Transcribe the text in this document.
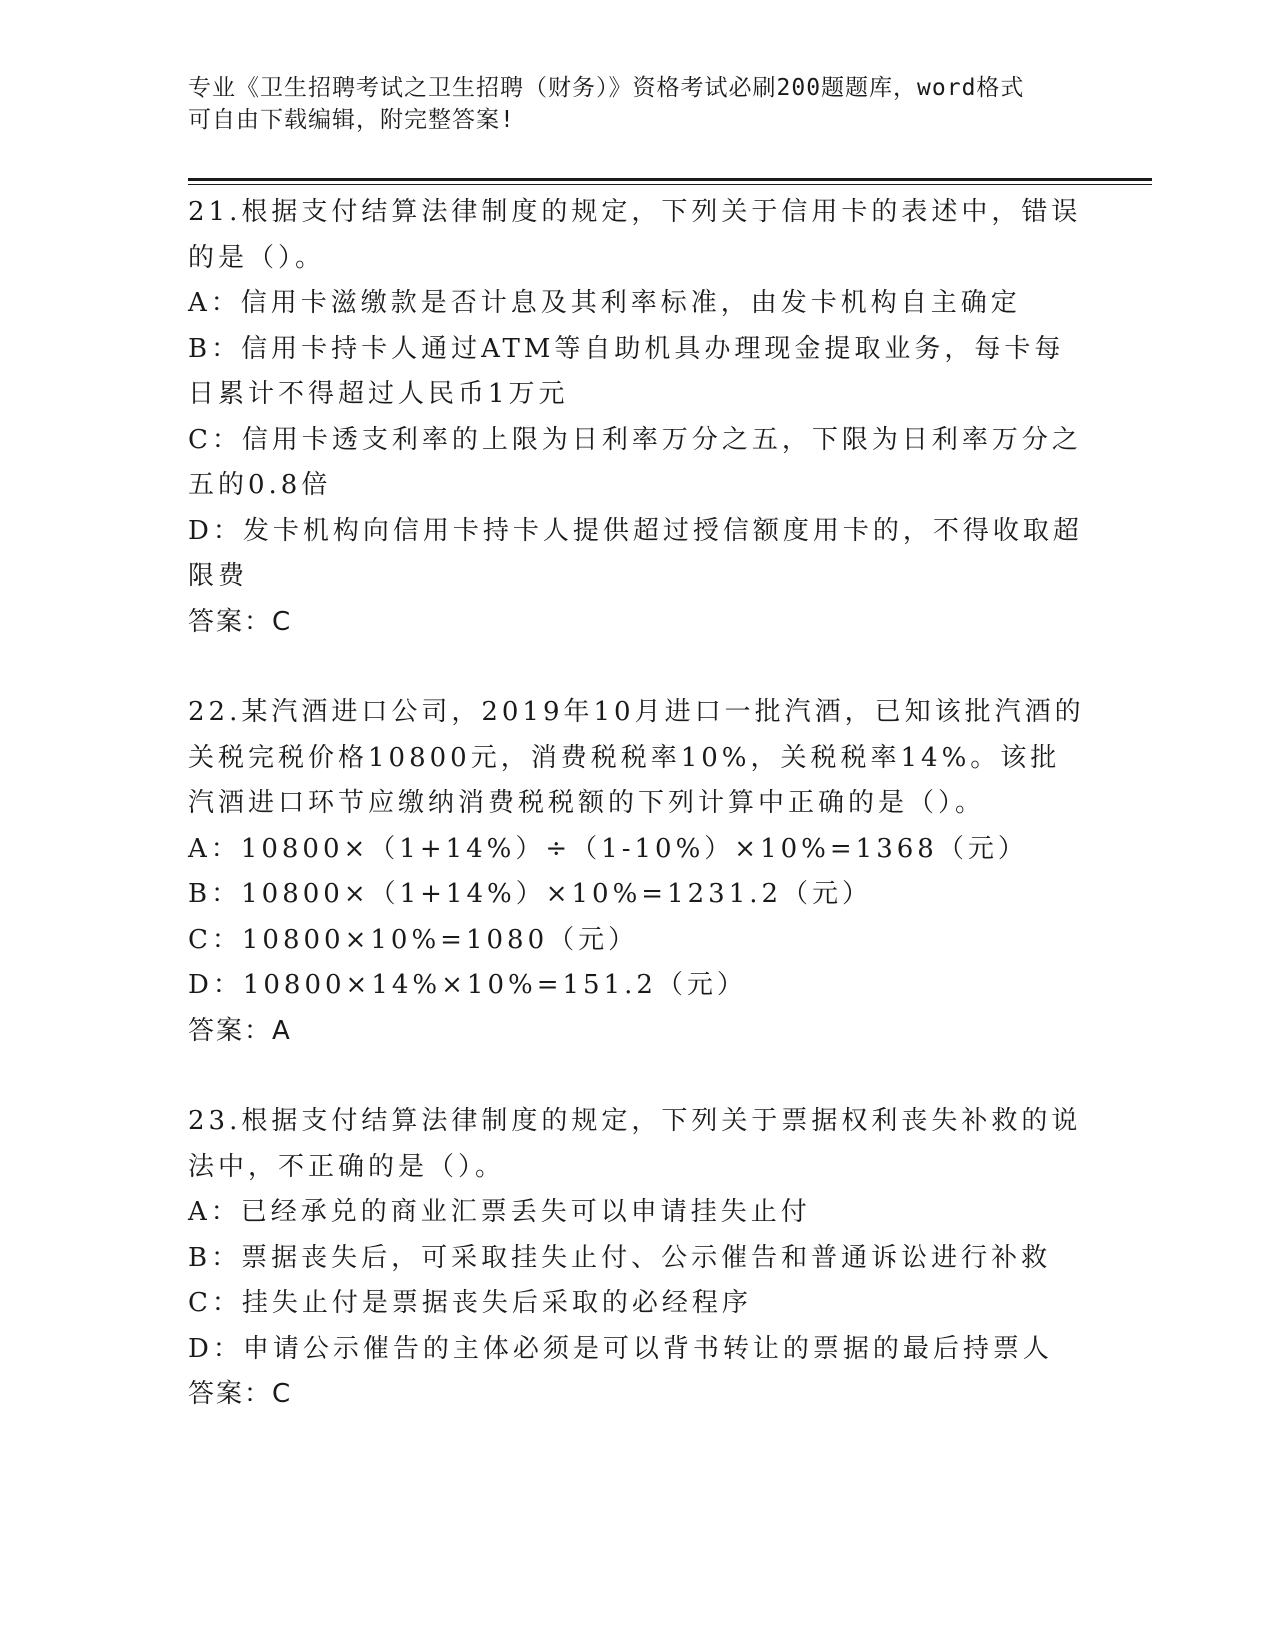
专业《卫生招聘考试之卫生招聘（财务）》资格考试必刷200题题库，word格式
可自由下载编辑，附完整答案!

21.根据支付结算法律制度的规定，下列关于信用卡的表述中，错误的是（）。

A：信用卡滋缴款是否计息及其利率标准，由发卡机构自主确定

B：信用卡持卡人通过ATM等自助机具办理现金提取业务，每卡每日累计不得超过人民币1万元

C：信用卡透支利率的上限为日利率万分之五，下限为日利率万分之五的0.8倍

D：发卡机构向信用卡持卡人提供超过授信额度用卡的，不得收取超限费

答案：C

22.某汽酒进口公司，2019年10月进口一批汽酒，已知该批汽酒的关税完税价格10800元，消费税税率10%，关税税率14%。该批汽酒进口环节应缴纳消费税税额的下列计算中正确的是（）。

A：10800×（1+14%）÷（1-10%）×10%=1368（元）

B：10800×（1+14%）×10%=1231.2（元）

C：10800×10%=1080（元）

D：10800×14%×10%=151.2（元）

答案：A

23.根据支付结算法律制度的规定，下列关于票据权利丧失补救的说法中，不正确的是（）。

A：已经承兑的商业汇票丢失可以申请挂失止付

B：票据丧失后，可采取挂失止付、公示催告和普通诉讼进行补救

C：挂失止付是票据丧失后采取的必经程序

D：申请公示催告的主体必须是可以背书转让的票据的最后持票人

答案：C
